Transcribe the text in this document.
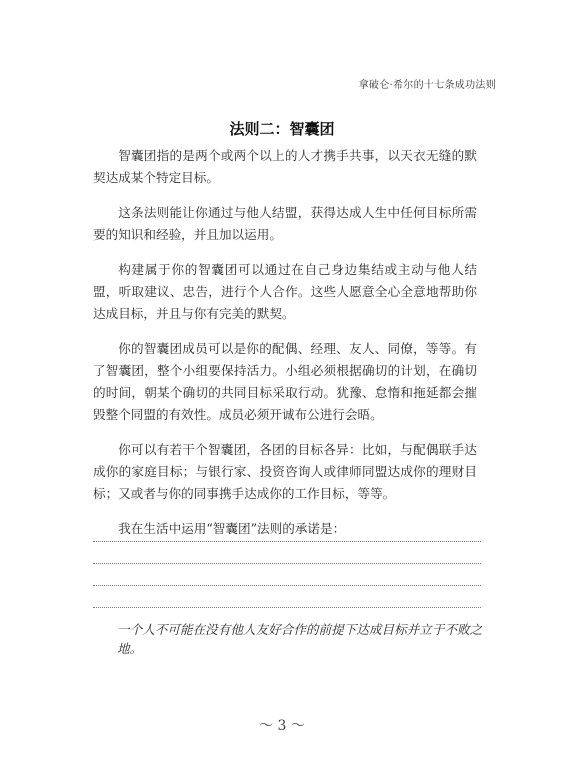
拿破仑·希尔的十七条成功法则
法则二：智囊团

智囊团指的是两个或两个以上的人才携手共事，以天衣无缝的默契达成某个特定目标。

这条法则能让你通过与他人结盟，获得达成人生中任何目标所需要的知识和经验，并且加以运用。

构建属于你的智囊团可以通过在自己身边集结或主动与他人结盟，听取建议、忠告，进行个人合作。这些人愿意全心全意地帮助你达成目标，并且与你有完美的默契。

你的智囊团成员可以是你的配偶、经理、友人、同僚，等等。有了智囊团，整个小组要保持活力。小组必须根据确切的计划，在确切的时间，朝某个确切的共同目标采取行动。犹豫、怠惰和拖延都会摧毁整个同盟的有效性。成员必须开诚布公进行会晤。

你可以有若干个智囊团，各团的目标各异：比如，与配偶联手达成你的家庭目标；与银行家、投资咨询人或律师同盟达成你的理财目标；又或者与你的同事携手达成你的工作目标，等等。

我在生活中运用“智囊团”法则的承诺是：

一个人不可能在没有他人友好合作的前提下达成目标并立于不败之地。
～ 3 ～
